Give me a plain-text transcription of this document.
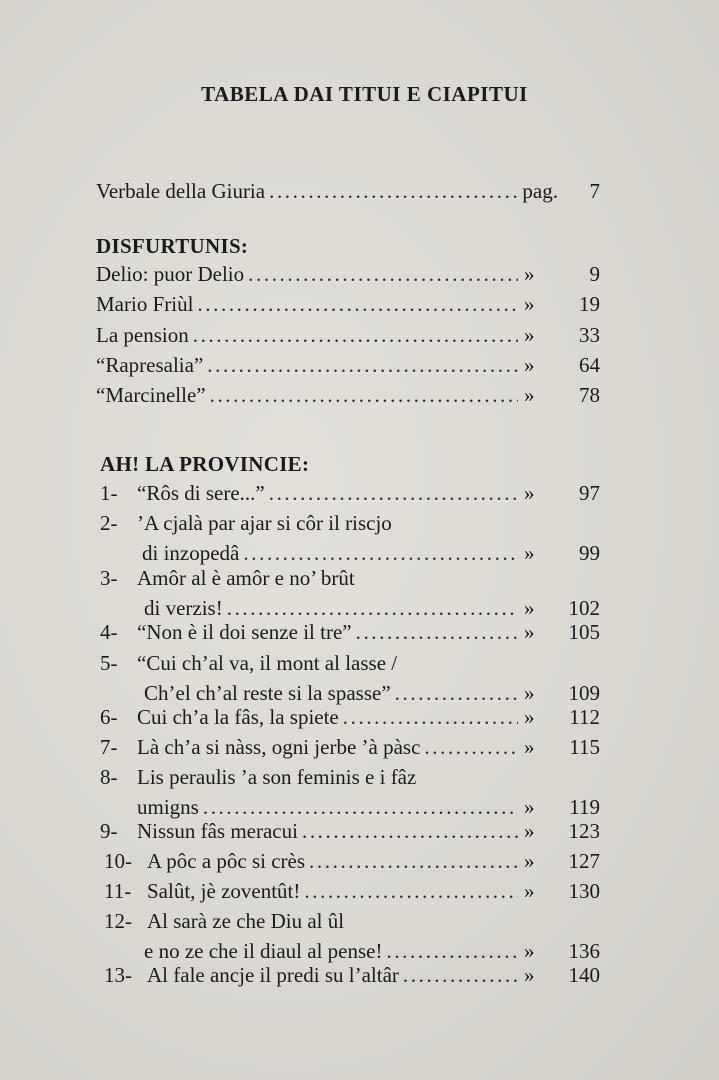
TABELA DAI TITUI E CIAPITUI
Verbale della Giuria .....	pag.	7
DISFURTUNIS:
Delio: puor Delio .....	»	9
Mario Friùl .....	»	19
La pension .....	»	33
“Rapresalia” .....	»	64
“Marcinelle” .....	»	78
AH! LA PROVINCIE:
1- “Rôs di sere...” .....	»	97
2- ’A cjalà par ajar si côr il riscjo
di inzopedâ .....	»	99
3- Amôr al è amôr e no’ brût
di verzis! .....	»	102
4- “Non è il doi senze il tre” .....	»	105
5- “Cui ch’al va, il mont al lasse /
Ch’el ch’al reste si la spasse” .....	»	109
6- Cui ch’a la fâs, la spiete .....	»	112
7- Là ch’a si nàss, ogni jerbe ’à pàsc .....	»	115
8- Lis peraulis ’a son feminis e i fâz
umigns .....	»	119
9- Nissun fâs meracui .....	»	123
10- A pôc a pôc si crès .....	»	127
11- Salût, jè zoventût! .....	»	130
12- Al sarà ze che Diu al ûl
e no ze che il diaul al pense! .....	»	136
13- Al fale ancje il predi su l’altâr .....	»	140
